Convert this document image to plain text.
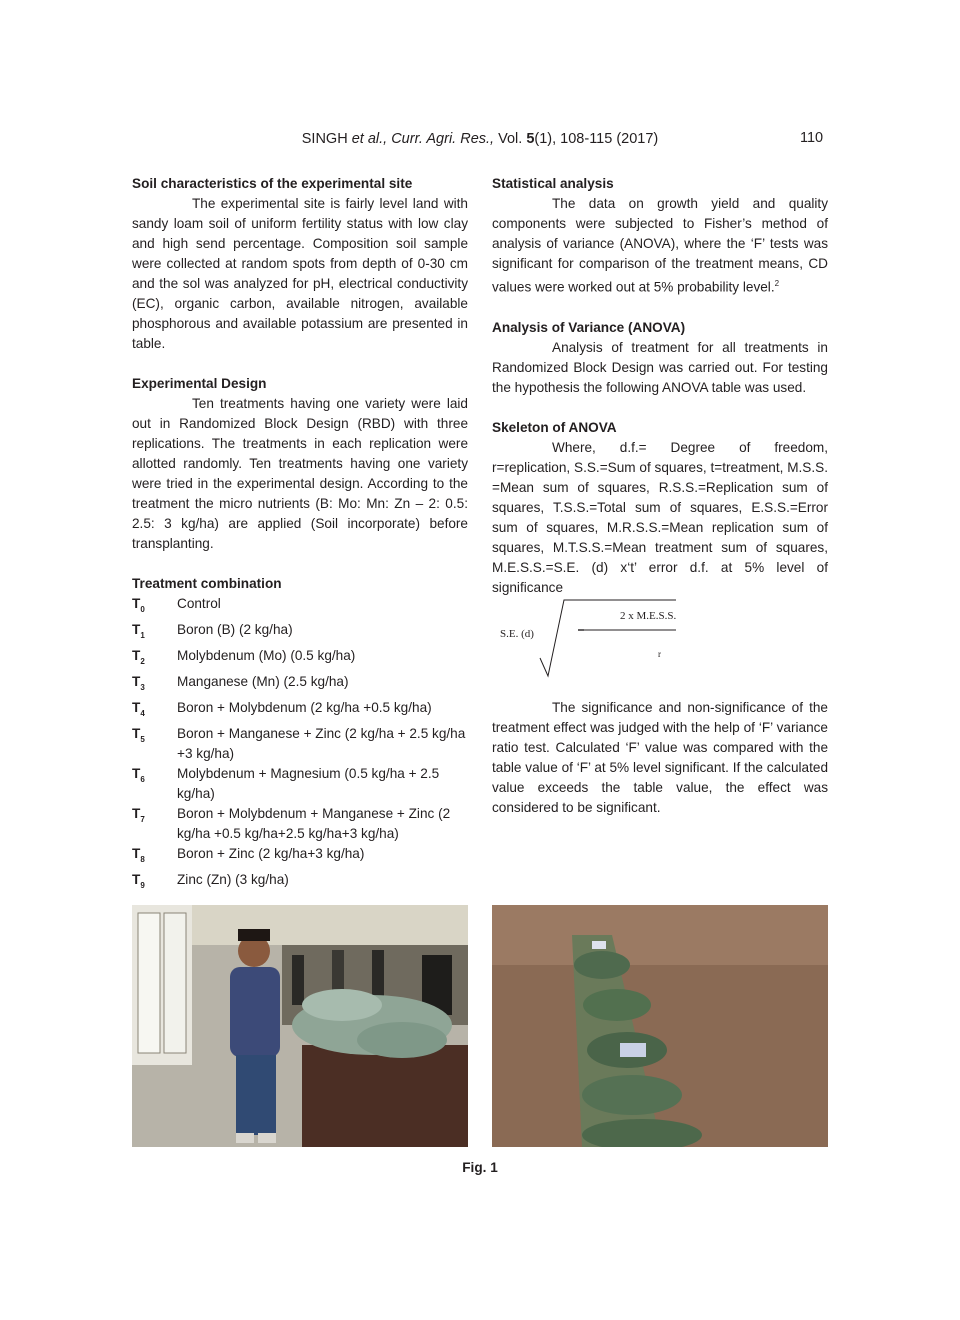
SINGH et al., Curr. Agri. Res., Vol. 5(1), 108-115 (2017)	110
Soil characteristics of the experimental site

The experimental site is fairly level land with sandy loam soil of uniform fertility status with low clay and high send percentage. Composition soil sample were collected at random spots from depth of 0-30 cm and the sol was analyzed for pH, electrical conductivity (EC), organic carbon, available nitrogen, available phosphorous and available potassium are presented in table.

Experimental Design

Ten treatments having one variety were laid out in Randomized Block Design (RBD) with three replications. The treatments in each replication were allotted randomly. Ten treatments having one variety were tried in the experimental design. According to the treatment the micro nutrients (B: Mo: Mn: Zn – 2: 0.5: 2.5: 3 kg/ha) are applied (Soil incorporate) before transplanting.

Treatment combination
$T_0$	Control
$T_1$	Boron (B) (2 kg/ha)
$T_2$	Molybdenum (Mo) (0.5 kg/ha)
$T_3$	Manganese (Mn) (2.5 kg/ha)
$T_4$	Boron + Molybdenum (2 kg/ha +0.5 kg/ha)
$T_5$	Boron + Manganese + Zinc (2 kg/ha + 2.5 kg/ha +3 kg/ha)
$T_6$	Molybdenum + Magnesium (0.5 kg/ha + 2.5 kg/ha)
$T_7$	Boron + Molybdenum + Manganese + Zinc (2 kg/ha +0.5 kg/ha+2.5 kg/ha+3 kg/ha)
$T_8$	Boron + Zinc (2 kg/ha+3 kg/ha)
$T_9$	Zinc (Zn) (3 kg/ha)
Statistical analysis

The data on growth yield and quality components were subjected to Fisher’s method of analysis of variance (ANOVA), where the ‘F’ tests was significant for comparison of the treatment means, CD values were worked out at 5% probability level.$^2$

Analysis of Variance (ANOVA)

Analysis of treatment for all treatments in Randomized Block Design was carried out. For testing the hypothesis the following ANOVA table was used.

Skeleton of ANOVA

Where, d.f.= Degree of freedom, r=replication, S.S.=Sum of squares, t=treatment, M.S.S. =Mean sum of squares, R.S.S.=Replication sum of squares, T.S.S.=Total sum of squares, E.S.S.=Error sum of squares, M.R.S.S.=Mean replication sum of squares, M.T.S.S.=Mean treatment sum of squares, M.E.S.S.=S.E. (d) x‘t’ error d.f. at 5% level of significance

S.E. (d)
2 x M.E.S.S.
r

The significance and non-significance of the treatment effect was judged with the help of ‘F’ variance ratio test. Calculated ‘F’ value was compared with the table value of ‘F’ at 5% level significant. If the calculated value exceeds the table value, the effect was considered to be significant.

Fig. 1
